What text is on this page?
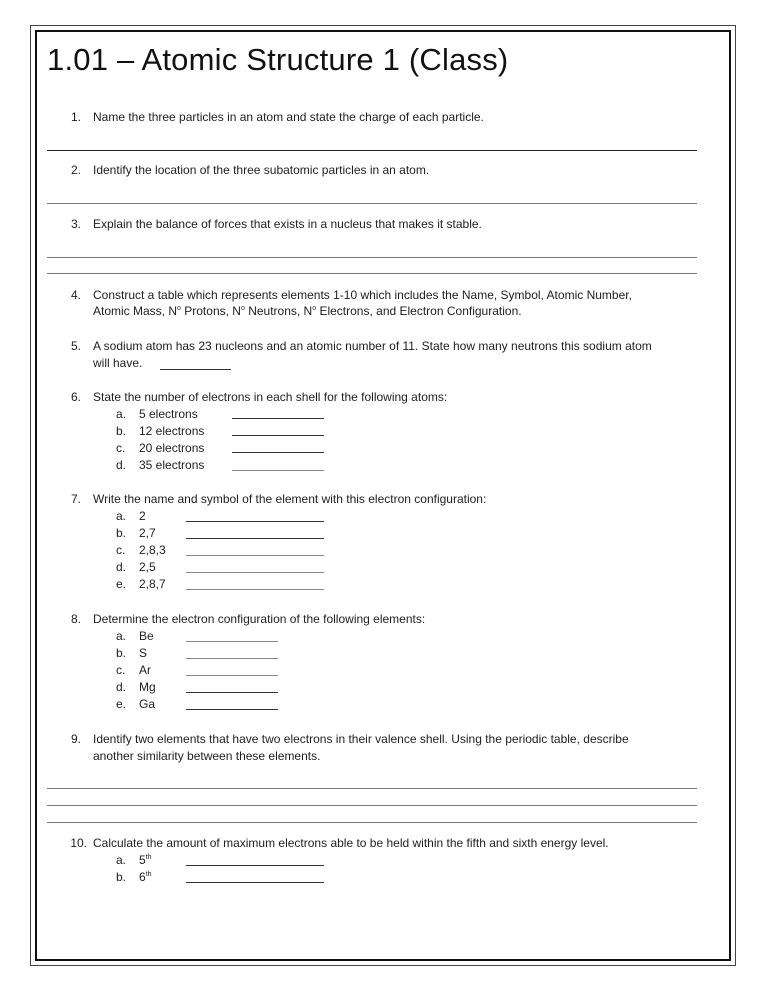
1.01 – Atomic Structure 1 (Class)
1. Name the three particles in an atom and state the charge of each particle.
2. Identify the location of the three subatomic particles in an atom.
3. Explain the balance of forces that exists in a nucleus that makes it stable.
4. Construct a table which represents elements 1-10 which includes the Name, Symbol, Atomic Number,
Atomic Mass, $N^o$ Protons, $N^o$ Neutrons, $N^o$ Electrons, and Electron Configuration.
5. A sodium atom has 23 nucleons and an atomic number of 11. State how many neutrons this sodium atom
will have.
6. State the number of electrons in each shell for the following atoms:
a. 5 electrons
b. 12 electrons
c. 20 electrons
d. 35 electrons
7. Write the name and symbol of the element with this electron configuration:
a. 2
b. 2,7
c. 2,8,3
d. 2,5
e. 2,8,7
8. Determine the electron configuration of the following elements:
a. Be
b. S
c. Ar
d. Mg
e. Ga
9. Identify two elements that have two electrons in their valence shell. Using the periodic table, describe
another similarity between these elements.
10. Calculate the amount of maximum electrons able to be held within the fifth and sixth energy level.
a. 5th
b. 6th
